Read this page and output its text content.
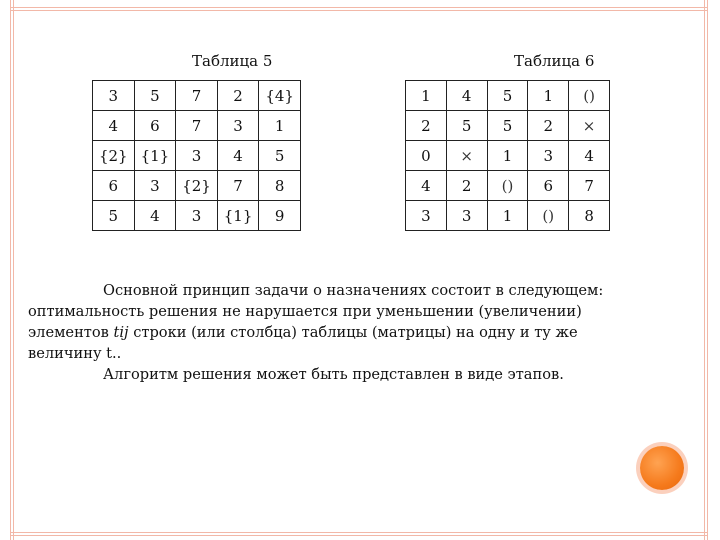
Таблица 5	Таблица 6
3	5	7	2	{4}
4	6	7	3	1
{2}	{1}	3	4	5
6	3	{2}	7	8
5	4	3	{1}	9
1	4	5	1	()
2	5	5	2	⨯
0	⨯	1	3	4
4	2	()	6	7
3	3	1	()	8

Основной принцип задачи о назначениях состоит в следующем:

оптимальность решения не нарушается при уменьшении (увеличении)

элементов tij строки (или столбца) таблицы (матрицы) на одну и ту же

величину t..

Алгоритм решения может быть представлен в виде этапов.
